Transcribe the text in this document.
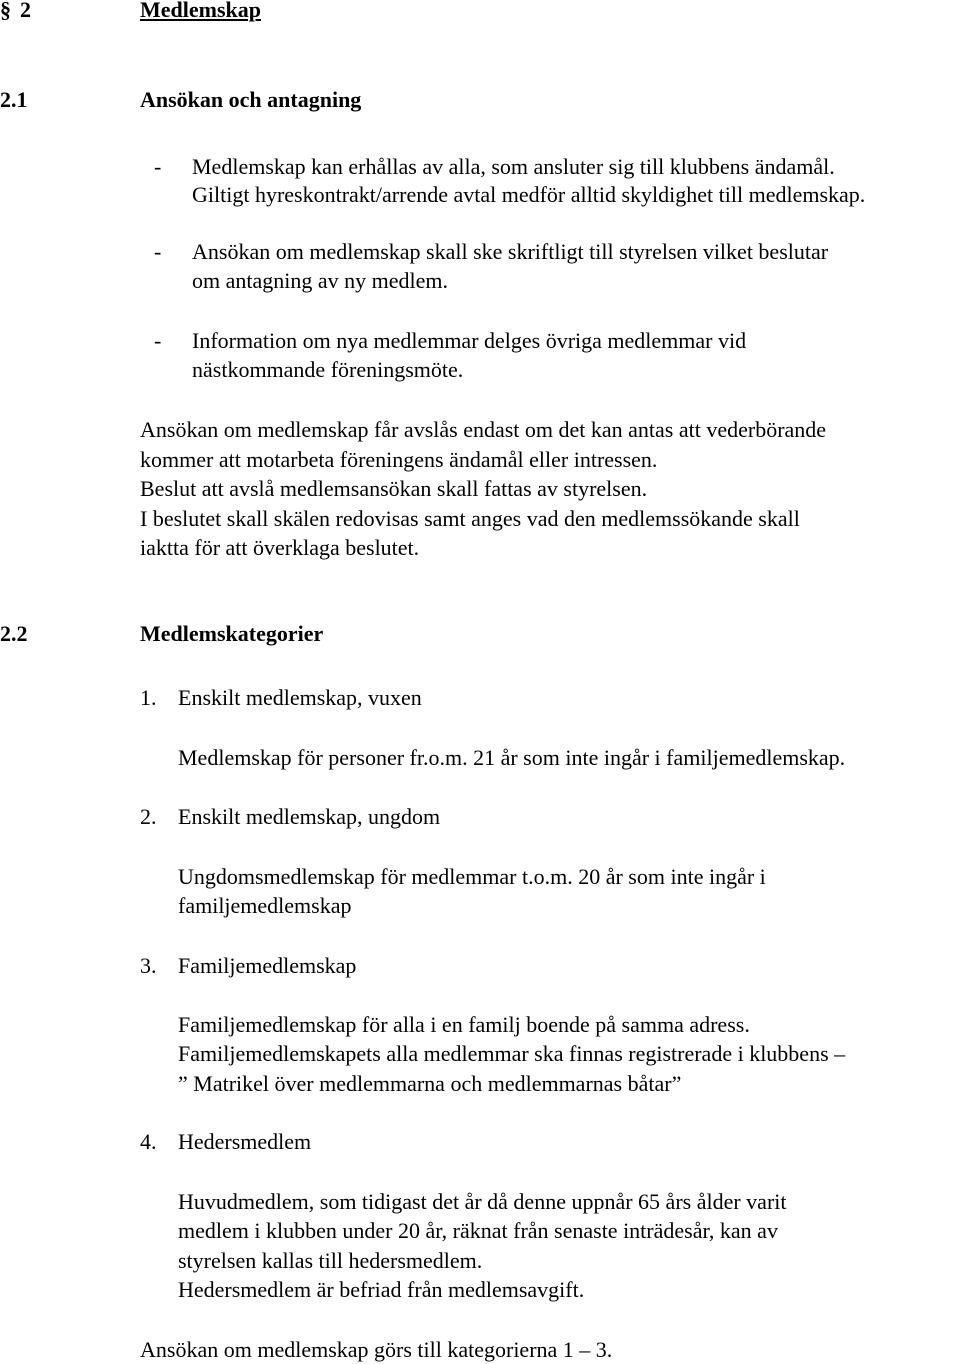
§ 2	Medlemskap
2.1	Ansökan och antagning
- Medlemskap kan erhållas av alla, som ansluter sig till klubbens ändamål.
Giltigt hyreskontrakt/arrende avtal medför alltid skyldighet till medlemskap.
- Ansökan om medlemskap skall ske skriftligt till styrelsen vilket beslutar
om antagning av ny medlem.
- Information om nya medlemmar delges övriga medlemmar vid
nästkommande föreningsmöte.
Ansökan om medlemskap får avslås endast om det kan antas att vederbörande
kommer att motarbeta föreningens ändamål eller intressen.
Beslut att avslå medlemsansökan skall fattas av styrelsen.
I beslutet skall skälen redovisas samt anges vad den medlemssökande skall
iaktta för att överklaga beslutet.
2.2	Medlemskategorier
1. Enskilt medlemskap, vuxen
Medlemskap för personer fr.o.m. 21 år som inte ingår i familjemedlemskap.
2. Enskilt medlemskap, ungdom
Ungdomsmedlemskap för medlemmar t.o.m. 20 år som inte ingår i
familjemedlemskap
3. Familjemedlemskap
Familjemedlemskap för alla i en familj boende på samma adress.
Familjemedlemskapets alla medlemmar ska finnas registrerade i klubbens –
” Matrikel över medlemmarna och medlemmarnas båtar”
4. Hedersmedlem
Huvudmedlem, som tidigast det år då denne uppnår 65 års ålder varit
medlem i klubben under 20 år, räknat från senaste inträdesår, kan av
styrelsen kallas till hedersmedlem.
Hedersmedlem är befriad från medlemsavgift.
Ansökan om medlemskap görs till kategorierna 1 – 3.
